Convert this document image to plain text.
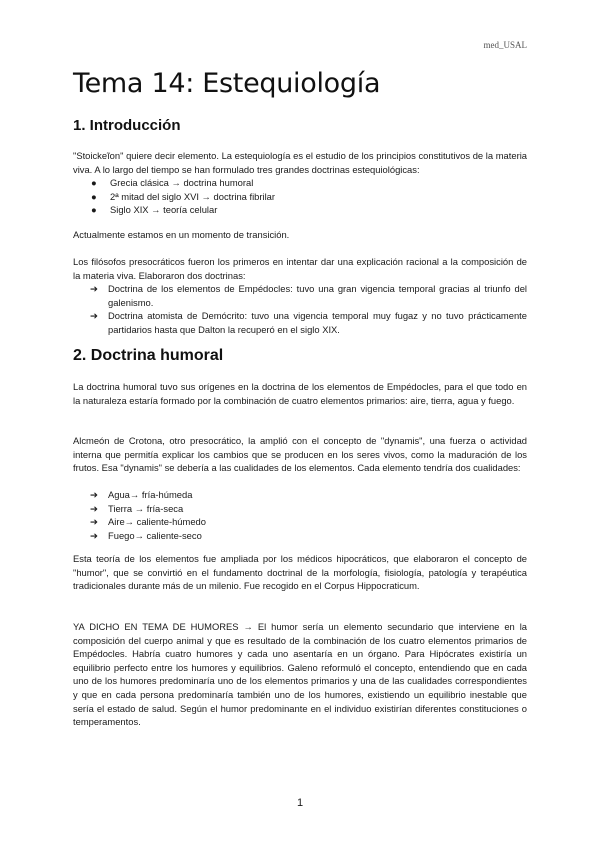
med_USAL
Tema 14: Estequiología
1. Introducción

"Stoickeĩon" quiere decir elemento. La estequiología es el estudio de los principios constitutivos de la materia viva. A lo largo del tiempo se han formulado tres grandes doctrinas estequiológicas:

● Grecia clásica → doctrina humoral
● 2ª mitad del siglo XVI → doctrina fibrilar
● Siglo XIX → teoría celular

Actualmente estamos en un momento de transición.

Los filósofos presocráticos fueron los primeros en intentar dar una explicación racional a la composición de la materia viva. Elaboraron dos doctrinas:

➔ Doctrina de los elementos de Empédocles: tuvo una gran vigencia temporal gracias al triunfo del galenismo.
➔ Doctrina atomista de Demócrito: tuvo una vigencia temporal muy fugaz y no tuvo prácticamente partidarios hasta que Dalton la recuperó en el siglo XIX.
2. Doctrina humoral

La doctrina humoral tuvo sus orígenes en la doctrina de los elementos de Empédocles, para el que todo en la naturaleza estaría formado por la combinación de cuatro elementos primarios: aire, tierra, agua y fuego.

Alcmeón de Crotona, otro presocrático, la amplió con el concepto de "dynamis", una fuerza o actividad interna que permitía explicar los cambios que se producen en los seres vivos, como la maduración de los frutos. Esa "dynamis" se debería a las cualidades de los elementos. Cada elemento tendría dos cualidades:

➔ Agua→ fría-húmeda
➔ Tierra → fría-seca
➔ Aire→ caliente-húmedo
➔ Fuego→ caliente-seco

Esta teoría de los elementos fue ampliada por los médicos hipocráticos, que elaboraron el concepto de "humor", que se convirtió en el fundamento doctrinal de la morfología, fisiología, patología y terapéutica tradicionales durante más de un milenio. Fue recogido en el Corpus Hippocraticum.

YA DICHO EN TEMA DE HUMORES → El humor sería un elemento secundario que interviene en la composición del cuerpo animal y que es resultado de la combinación de los cuatro elementos primarios de Empédocles. Habría cuatro humores y cada uno asentaría en un órgano. Para Hipócrates existiría un equilibrio perfecto entre los humores y equilibrios. Galeno reformuló el concepto, entendiendo que en cada uno de los humores predominaría uno de los elementos primarios y una de las cualidades correspondientes y que en cada persona predominaría también uno de los humores, existiendo un equilibrio inestable que sería el estado de salud. Según el humor predominante en el individuo existirían diferentes constituciones o temperamentos.

1
